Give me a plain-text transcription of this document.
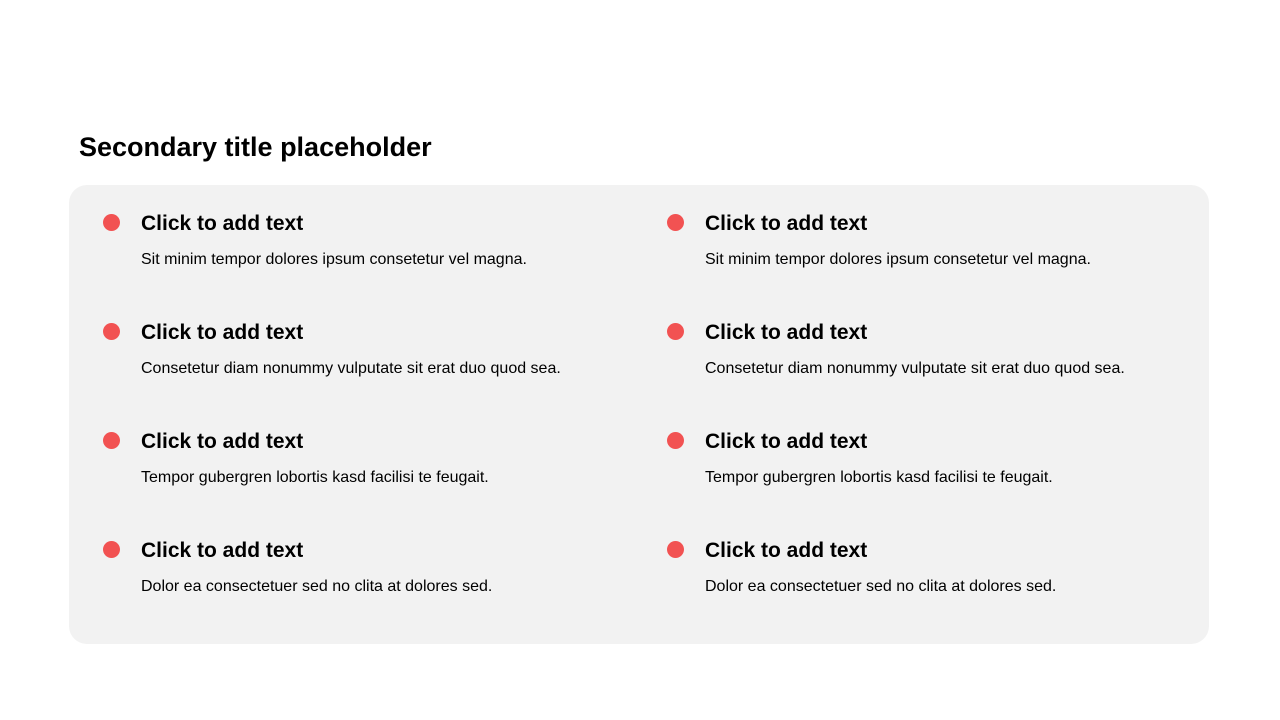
Secondary title placeholder
Click to add text

Sit minim tempor dolores ipsum consetetur vel magna.

Click to add text

Sit minim tempor dolores ipsum consetetur vel magna.

Click to add text

Consetetur diam nonummy vulputate sit erat duo quod sea.

Click to add text

Consetetur diam nonummy vulputate sit erat duo quod sea.

Click to add text

Tempor gubergren lobortis kasd facilisi te feugait.

Click to add text

Tempor gubergren lobortis kasd facilisi te feugait.

Click to add text

Dolor ea consectetuer sed no clita at dolores sed.

Click to add text

Dolor ea consectetuer sed no clita at dolores sed.
